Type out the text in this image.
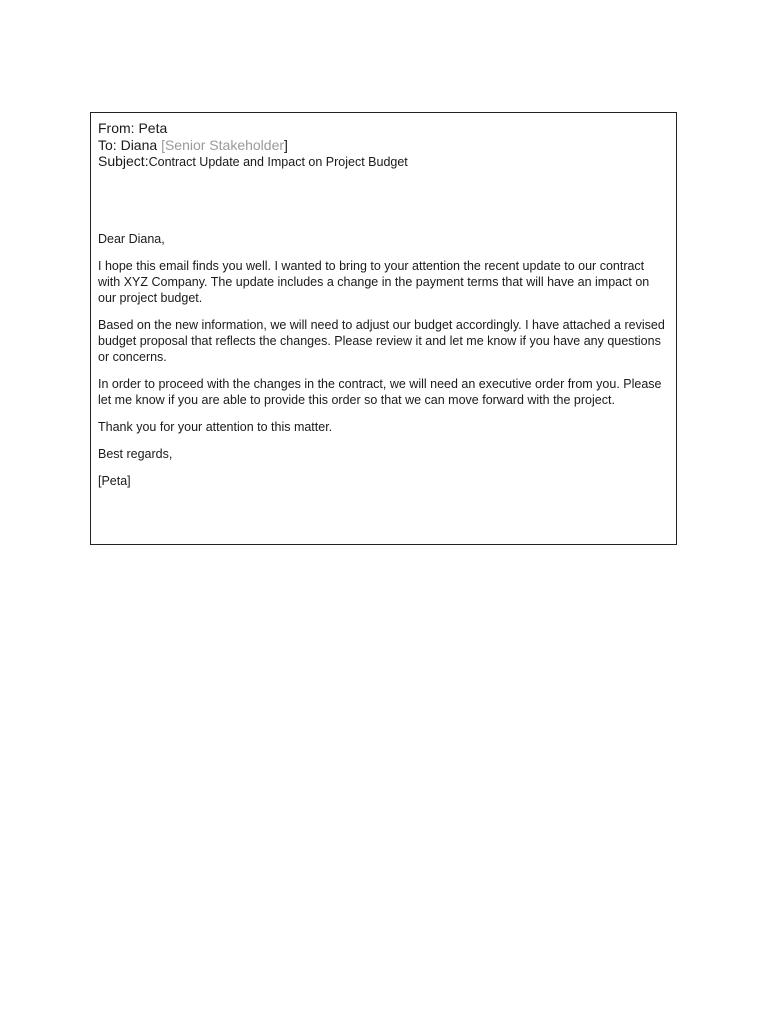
From: Peta

To: Diana [Senior Stakeholder]

Subject:Contract Update and Impact on Project Budget

Dear Diana,

I hope this email finds you well. I wanted to bring to your attention the recent update to our contract with XYZ Company. The update includes a change in the payment terms that will have an impact on our project budget.

Based on the new information, we will need to adjust our budget accordingly. I have attached a revised budget proposal that reflects the changes. Please review it and let me know if you have any questions or concerns.

In order to proceed with the changes in the contract, we will need an executive order from you. Please let me know if you are able to provide this order so that we can move forward with the project.

Thank you for your attention to this matter.

Best regards,

[Peta]
